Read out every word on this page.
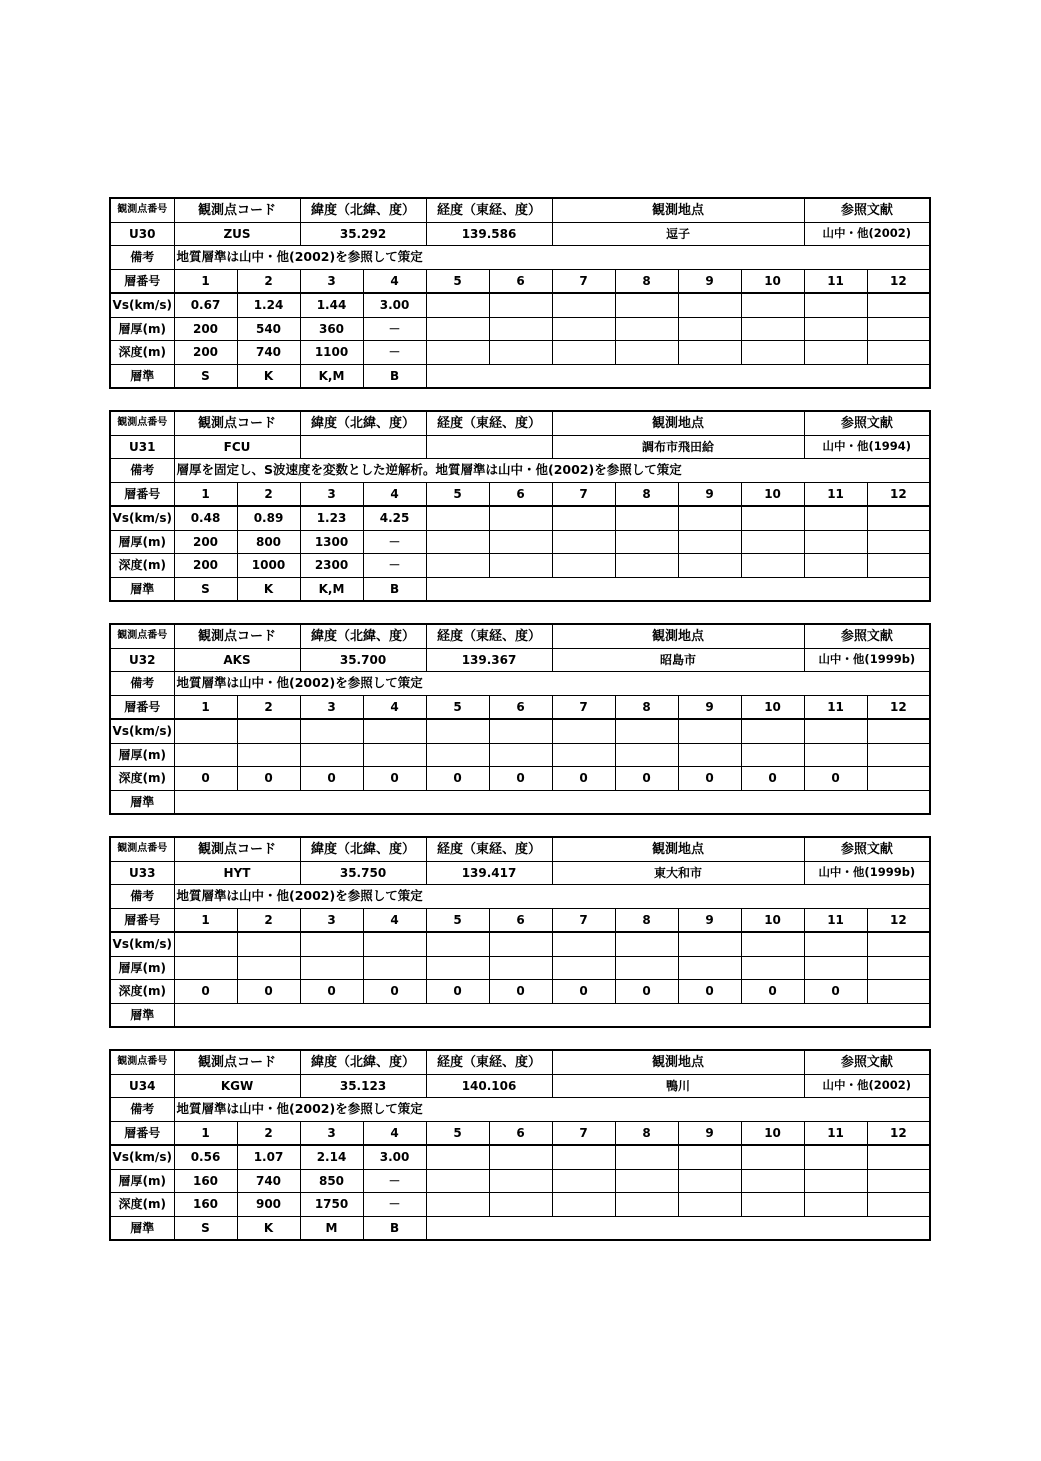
観測点番号	観測点コード		緯度（北緯、度）		経度（東経、度）		観測地点				参照文献	
U30	ZUS		35.292		139.586		逗子				山中・他(2002)	
備考	地質層準は山中・他(2002)を参照して策定											
層番号	1	2	3	4	5	6	7	8	9	10	11	12
Vs(km/s)	0.67	1.24	1.44	3.00								
層厚(m)	200	540	360	－								
深度(m)	200	740	1100	－								
層準	S	K	K,M	B								
観測点番号	観測点コード		緯度（北緯、度）		経度（東経、度）		観測地点				参照文献	
U31	FCU						調布市飛田給				山中・他(1994)	
備考	層厚を固定し、S波速度を変数とした逆解析。地質層準は山中・他(2002)を参照して策定											
層番号	1	2	3	4	5	6	7	8	9	10	11	12
Vs(km/s)	0.48	0.89	1.23	4.25								
層厚(m)	200	800	1300	－								
深度(m)	200	1000	2300	－								
層準	S	K	K,M	B								
観測点番号	観測点コード		緯度（北緯、度）		経度（東経、度）		観測地点				参照文献	
U32	AKS		35.700		139.367		昭島市				山中・他(1999b)	
備考	地質層準は山中・他(2002)を参照して策定											
層番号	1	2	3	4	5	6	7	8	9	10	11	12
Vs(km/s)												
層厚(m)												
深度(m)	0	0	0	0	0	0	0	0	0	0	0	
層準												
観測点番号	観測点コード		緯度（北緯、度）		経度（東経、度）		観測地点				参照文献	
U33	HYT		35.750		139.417		東大和市				山中・他(1999b)	
備考	地質層準は山中・他(2002)を参照して策定											
層番号	1	2	3	4	5	6	7	8	9	10	11	12
Vs(km/s)												
層厚(m)												
深度(m)	0	0	0	0	0	0	0	0	0	0	0	
層準												
観測点番号	観測点コード		緯度（北緯、度）		経度（東経、度）		観測地点				参照文献	
U34	KGW		35.123		140.106		鴨川				山中・他(2002)	
備考	地質層準は山中・他(2002)を参照して策定											
層番号	1	2	3	4	5	6	7	8	9	10	11	12
Vs(km/s)	0.56	1.07	2.14	3.00								
層厚(m)	160	740	850	－								
深度(m)	160	900	1750	－								
層準	S	K	M	B								
